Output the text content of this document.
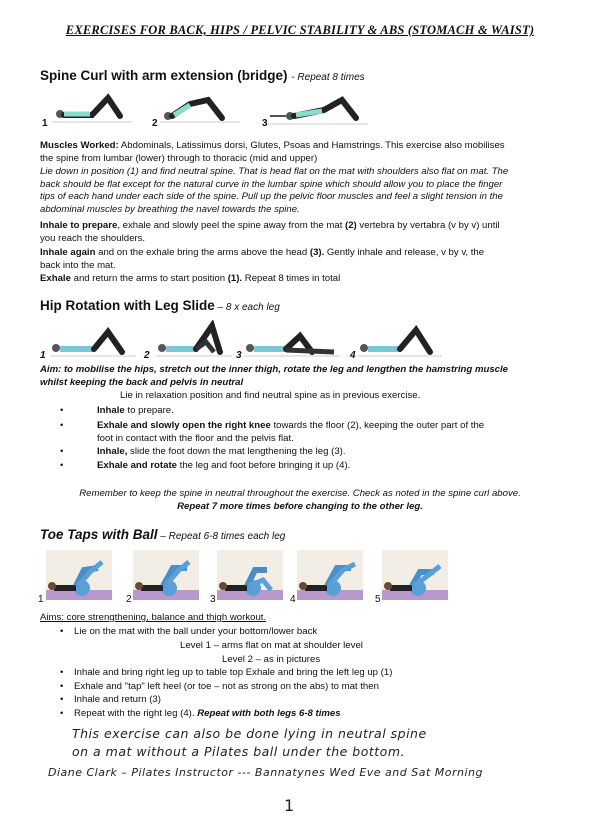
EXERCISES FOR BACK, HIPS / PELVIC STABILITY & ABS (STOMACH & WAIST)
Spine Curl with arm extension (bridge) - Repeat 8 times
1	2	3
Muscles Worked: Abdominals, Latissimus dorsi, Glutes, Psoas and Hamstrings. This exercise also mobilises the spine from lumbar (lower) through to thoracic (mid and upper)
Lie down in position (1) and find neutral spine. That is head flat on the mat with shoulders also flat on mat. The back should be flat except for the natural curve in the lumbar spine which should allow you to place the finger tips of each hand under each side of the spine. Pull up the pelvic floor muscles and feel a slight tension in the abdominal muscles by breathing the navel towards the spine.
Inhale to prepare, exhale and slowly peel the spine away from the mat (2) vertebra by vertabra (v by v) until you reach the shoulders.
Inhale again and on the exhale bring the arms above the head (3). Gently inhale and release, v by v, the back into the mat.
Exhale and return the arms to start position (1). Repeat 8 times in total
Hip Rotation with Leg Slide – 8 x each leg
1	2	3	4
Aim: to mobilise the hips, stretch out the inner thigh, rotate the leg and lengthen the hamstring muscle whilst keeping the back and pelvis in neutral
Lie in relaxation position and find neutral spine as in previous exercise.
•	Inhale to prepare.
•	Exhale and slowly open the right knee towards the floor (2), keeping the outer part of the foot in contact with the floor and the pelvis flat.
•	Inhale, slide the foot down the mat lengthening the leg (3).
•	Exhale and rotate the leg and foot before bringing it up (4).
Remember to keep the spine in neutral throughout the exercise. Check as noted in the spine curl above.
Repeat 7 more times before changing to the other leg.
Toe Taps with Ball – Repeat 6-8 times each leg
1	2	3	4	5
Aims: core strengthening, balance and thigh workout.
•	Lie on the mat with the ball under your bottom/lower back
Level 1 – arms flat on mat at shoulder level
Level 2 – as in pictures
•	Inhale and bring right leg up to table top Exhale and bring the left leg up (1)
•	Exhale and "tap" left heel (or toe – not as strong on the abs) to mat then
•	Inhale and return (3)
•	Repeat with the right leg (4). Repeat with both legs 6-8 times
This exercise can also be done lying in neutral spine
on a mat without a Pilates ball under the bottom.
Diane Clark – Pilates Instructor --- Bannatynes Wed Eve and Sat Morning
1
